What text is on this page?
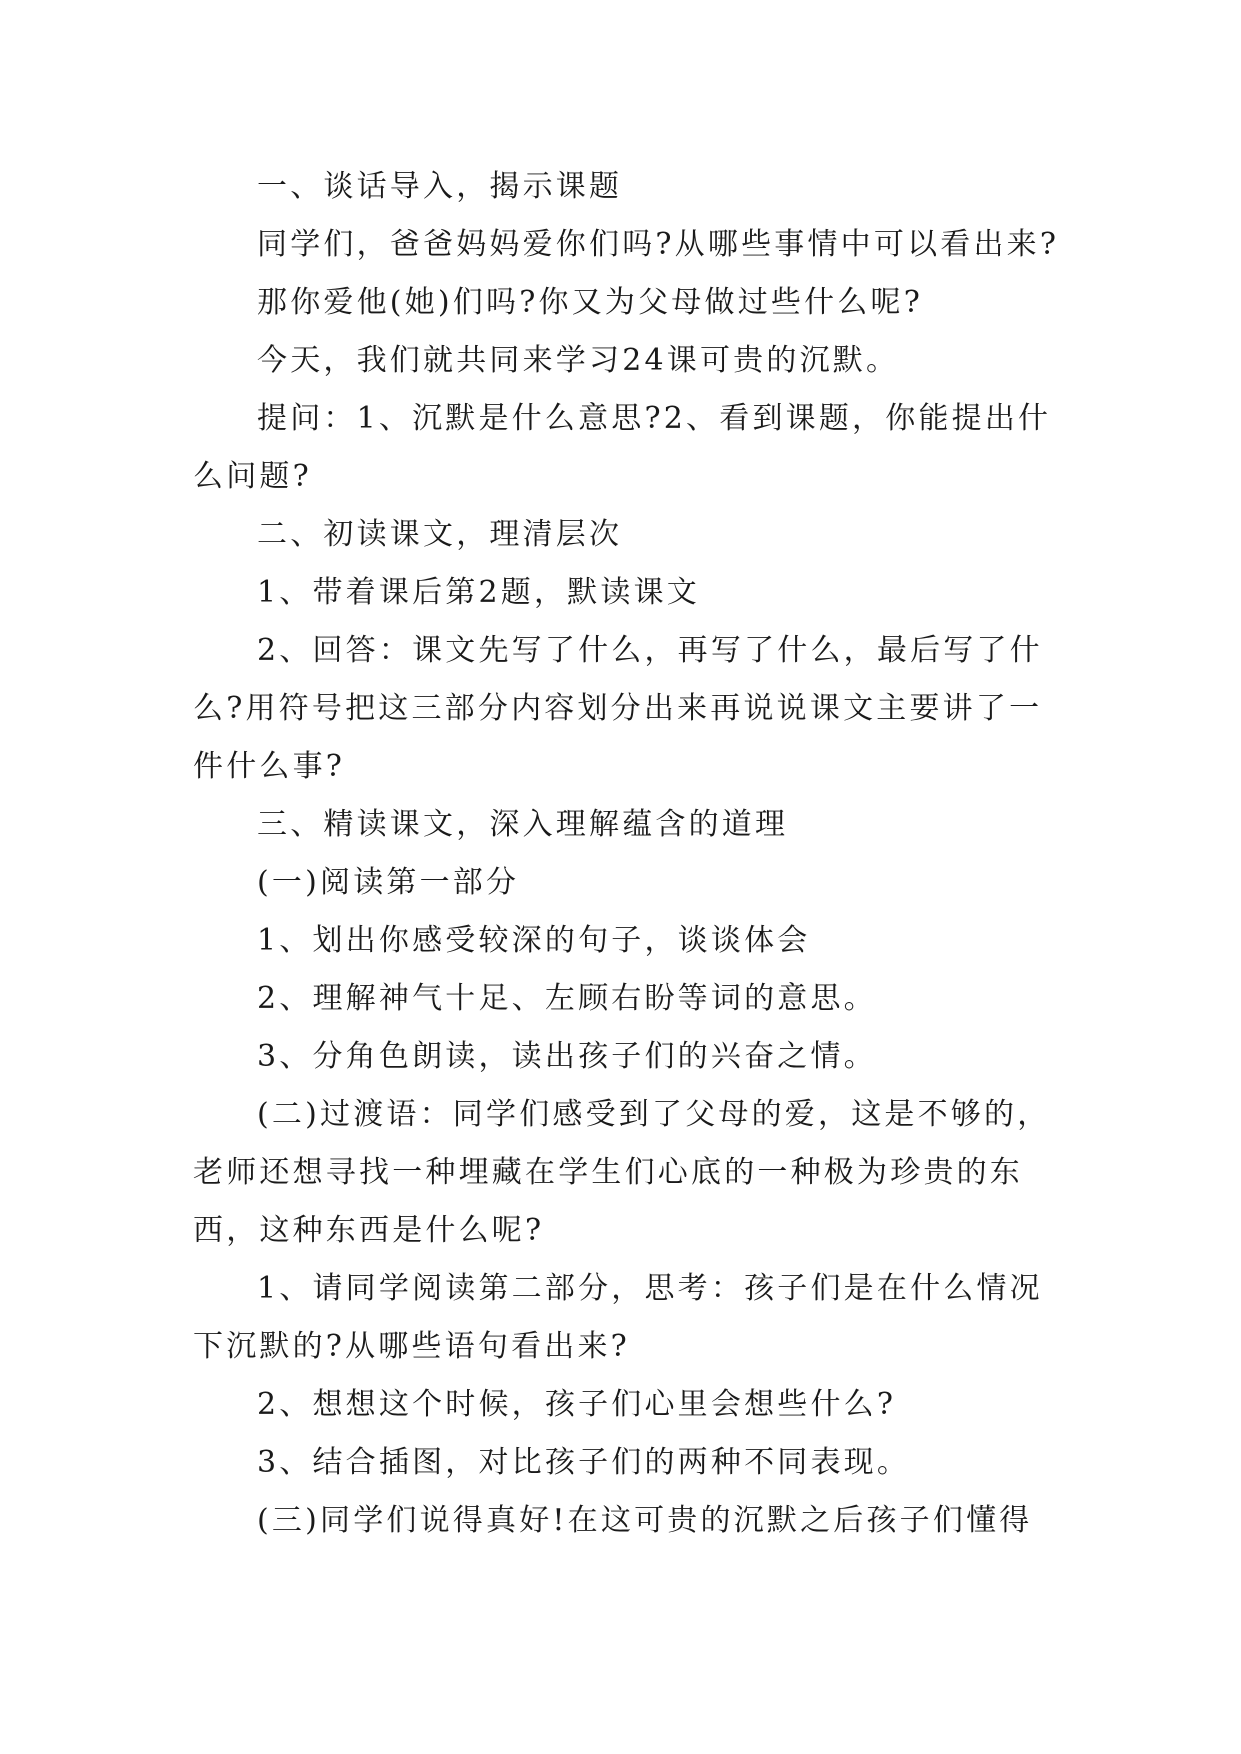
一、谈话导入，揭示课题

同学们，爸爸妈妈爱你们吗?从哪些事情中可以看出来?

那你爱他(她)们吗?你又为父母做过些什么呢?

今天，我们就共同来学习24课可贵的沉默。

提问：1、沉默是什么意思?2、看到课题，你能提出什么问题?

二、初读课文，理清层次

1、带着课后第2题，默读课文

2、回答：课文先写了什么，再写了什么，最后写了什么?用符号把这三部分内容划分出来再说说课文主要讲了一件什么事?

三、精读课文，深入理解蕴含的道理

(一)阅读第一部分

1、划出你感受较深的句子，谈谈体会

2、理解神气十足、左顾右盼等词的意思。

3、分角色朗读，读出孩子们的兴奋之情。

(二)过渡语：同学们感受到了父母的爱，这是不够的，老师还想寻找一种埋藏在学生们心底的一种极为珍贵的东西，这种东西是什么呢?

1、请同学阅读第二部分，思考：孩子们是在什么情况下沉默的?从哪些语句看出来?

2、想想这个时候，孩子们心里会想些什么?

3、结合插图，对比孩子们的两种不同表现。

(三)同学们说得真好!在这可贵的沉默之后孩子们懂得
